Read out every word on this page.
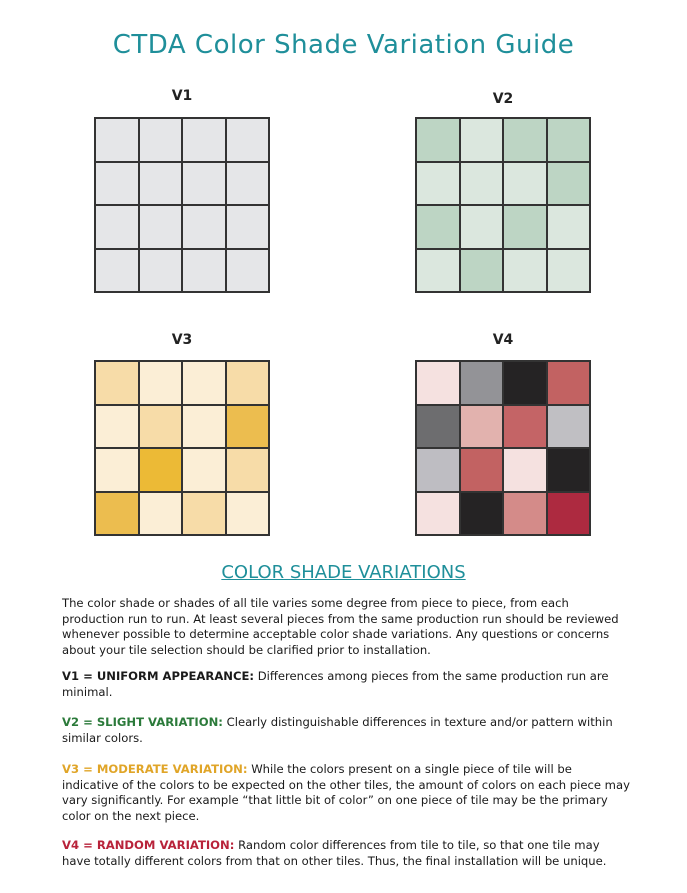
CTDA Color Shade Variation Guide
V1	V2
V3	V4
COLOR SHADE VARIATIONS

The color shade or shades of all tile varies some degree from piece to piece, from each production run to run. At least several pieces from the same production run should be reviewed whenever possible to determine acceptable color shade variations. Any questions or concerns about your tile selection should be clarified prior to installation.

V1 = UNIFORM APPEARANCE: Differences among pieces from the same production run are minimal.

V2 = SLIGHT VARIATION: Clearly distinguishable differences in texture and/or pattern within similar colors.

V3 = MODERATE VARIATION: While the colors present on a single piece of tile will be indicative of the colors to be expected on the other tiles, the amount of colors on each piece may vary significantly. For example “that little bit of color” on one piece of tile may be the primary color on the next piece.

V4 = RANDOM VARIATION: Random color differences from tile to tile, so that one tile may have totally different colors from that on other tiles. Thus, the final installation will be unique.
